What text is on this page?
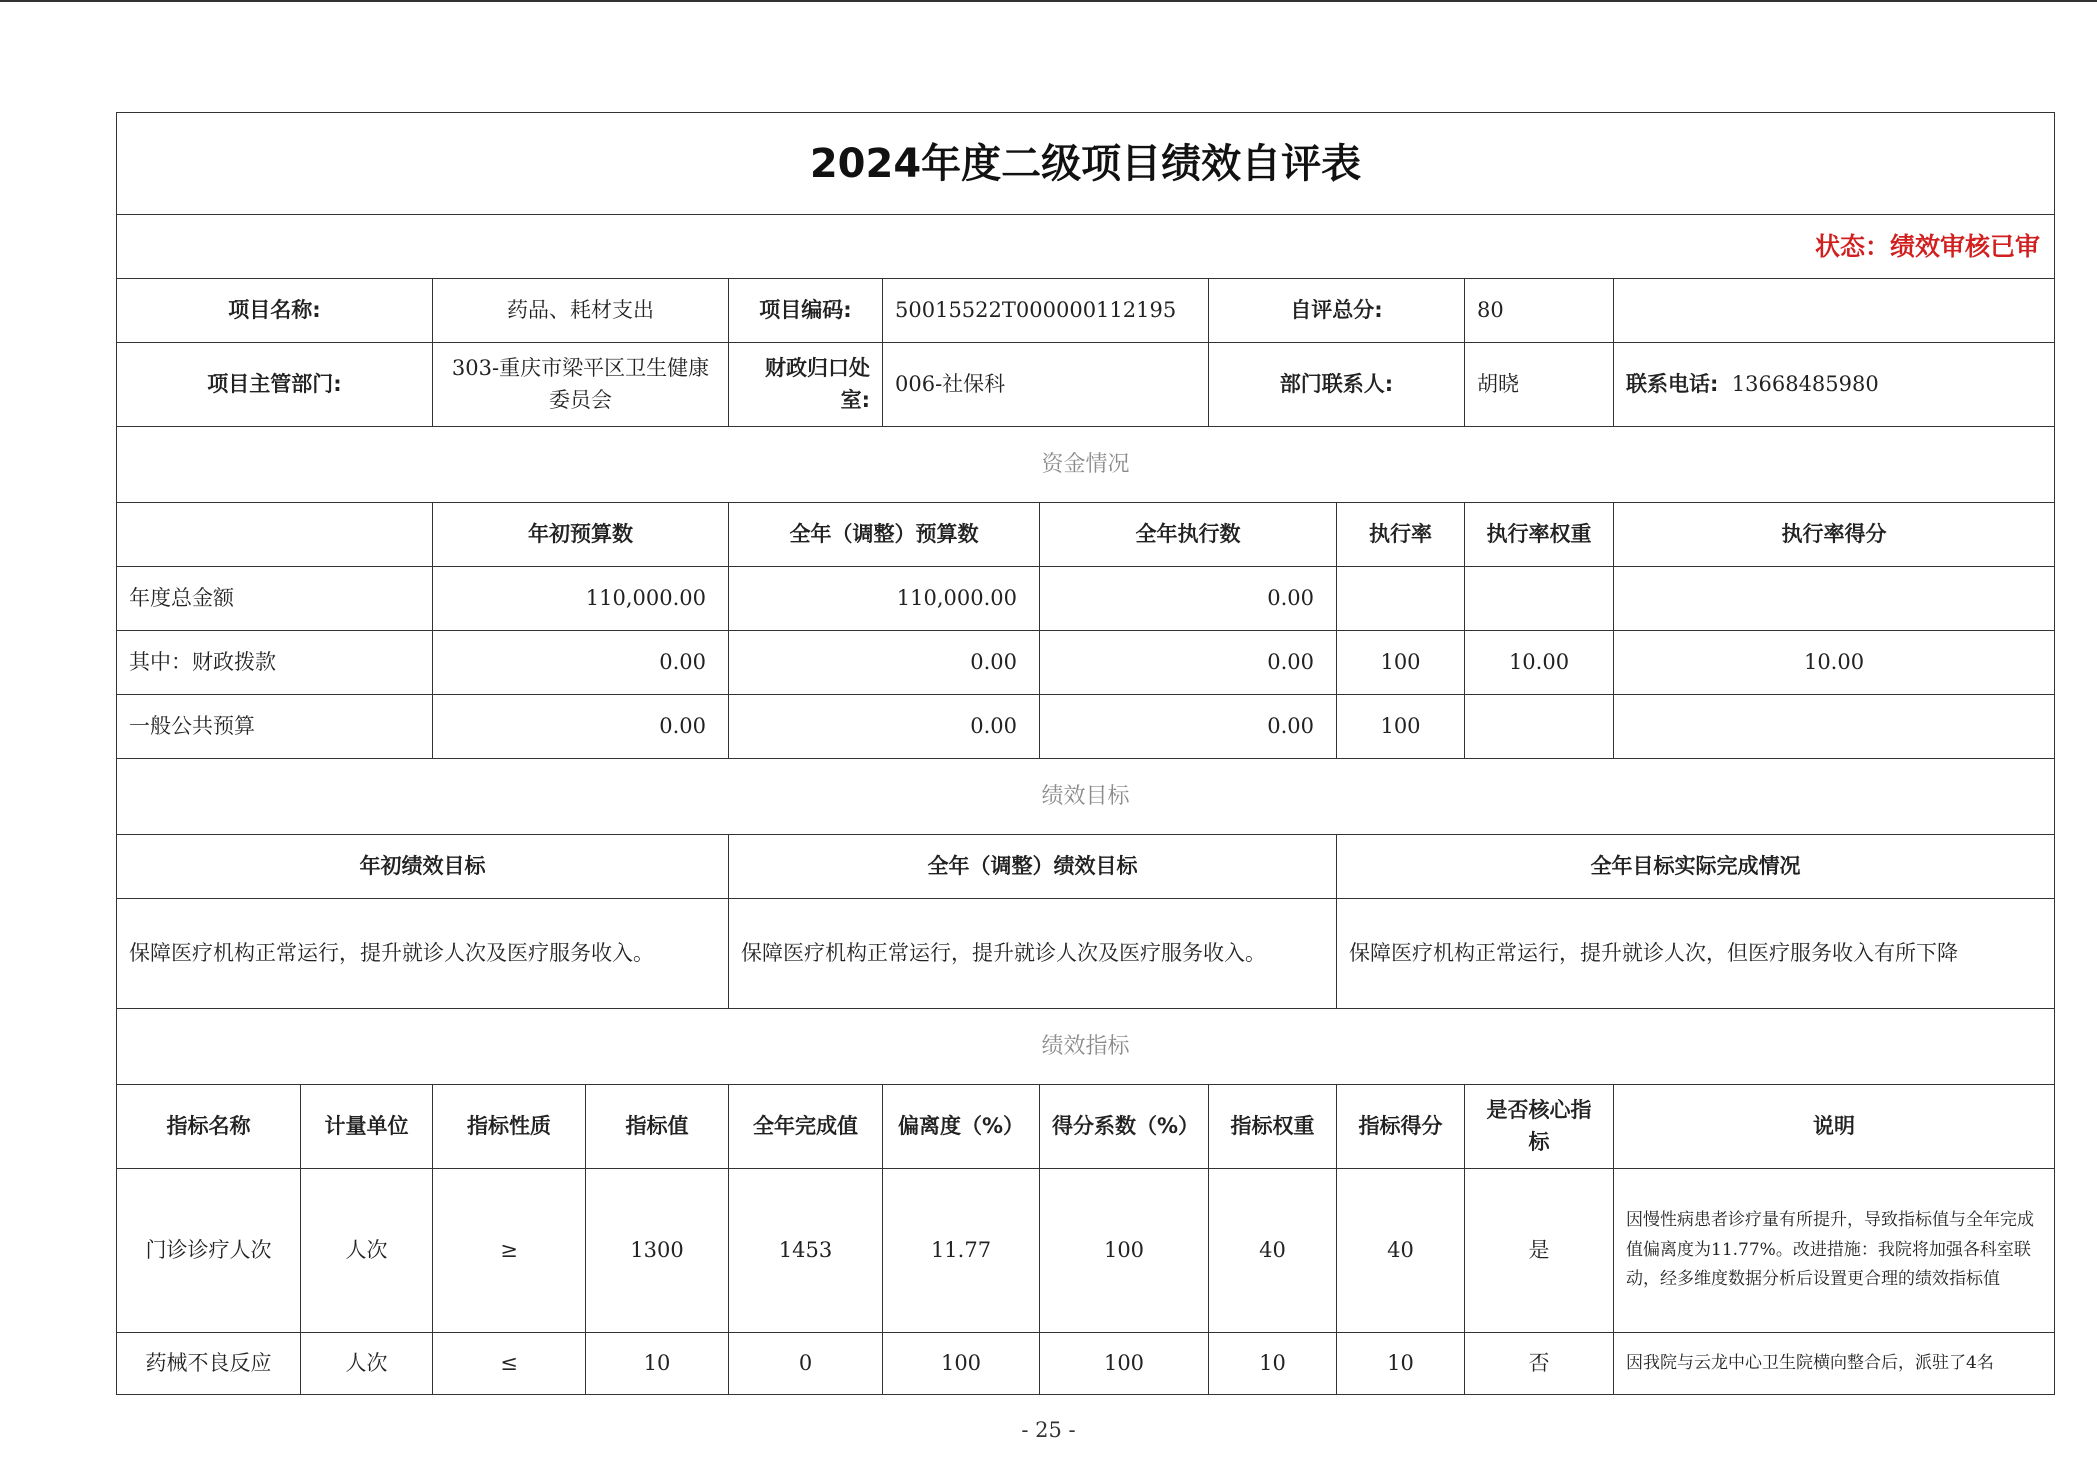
2024年度二级项目绩效自评表										
状态：绩效审核已审										
项目名称:		药品、耗材支出		项目编码:	50015522T000000112195		自评总分:		80	
项目主管部门:		303-重庆市梁平区卫生健康委员会		财政归口处室:	006-社保科		部门联系人:		胡晓	联系电话: 13668485980
资金情况										
		年初预算数		全年（调整）预算数		全年执行数		执行率	执行率权重	执行率得分
年度总金额		110,000.00		110,000.00		0.00				
其中：财政拨款		0.00		0.00		0.00		100	10.00	10.00
一般公共预算		0.00		0.00		0.00		100		
绩效目标										
年初绩效目标				全年（调整）绩效目标				全年目标实际完成情况		
保障医疗机构正常运行，提升就诊人次及医疗服务收入。				保障医疗机构正常运行，提升就诊人次及医疗服务收入。				保障医疗机构正常运行，提升就诊人次，但医疗服务收入有所下降		
绩效指标										
指标名称	计量单位	指标性质	指标值	全年完成值	偏离度（%）	得分系数（%）	指标权重	指标得分	是否核心指标	说明
门诊诊疗人次	人次	≥	1300	1453	11.77	100	40	40	是	因慢性病患者诊疗量有所提升，导致指标值与全年完成值偏离度为11.77%。改进措施：我院将加强各科室联动，经多维度数据分析后设置更合理的绩效指标值
药械不良反应	人次	≤	10	0	100	100	10	10	否	因我院与云龙中心卫生院横向整合后，派驻了4名
- 25 -
